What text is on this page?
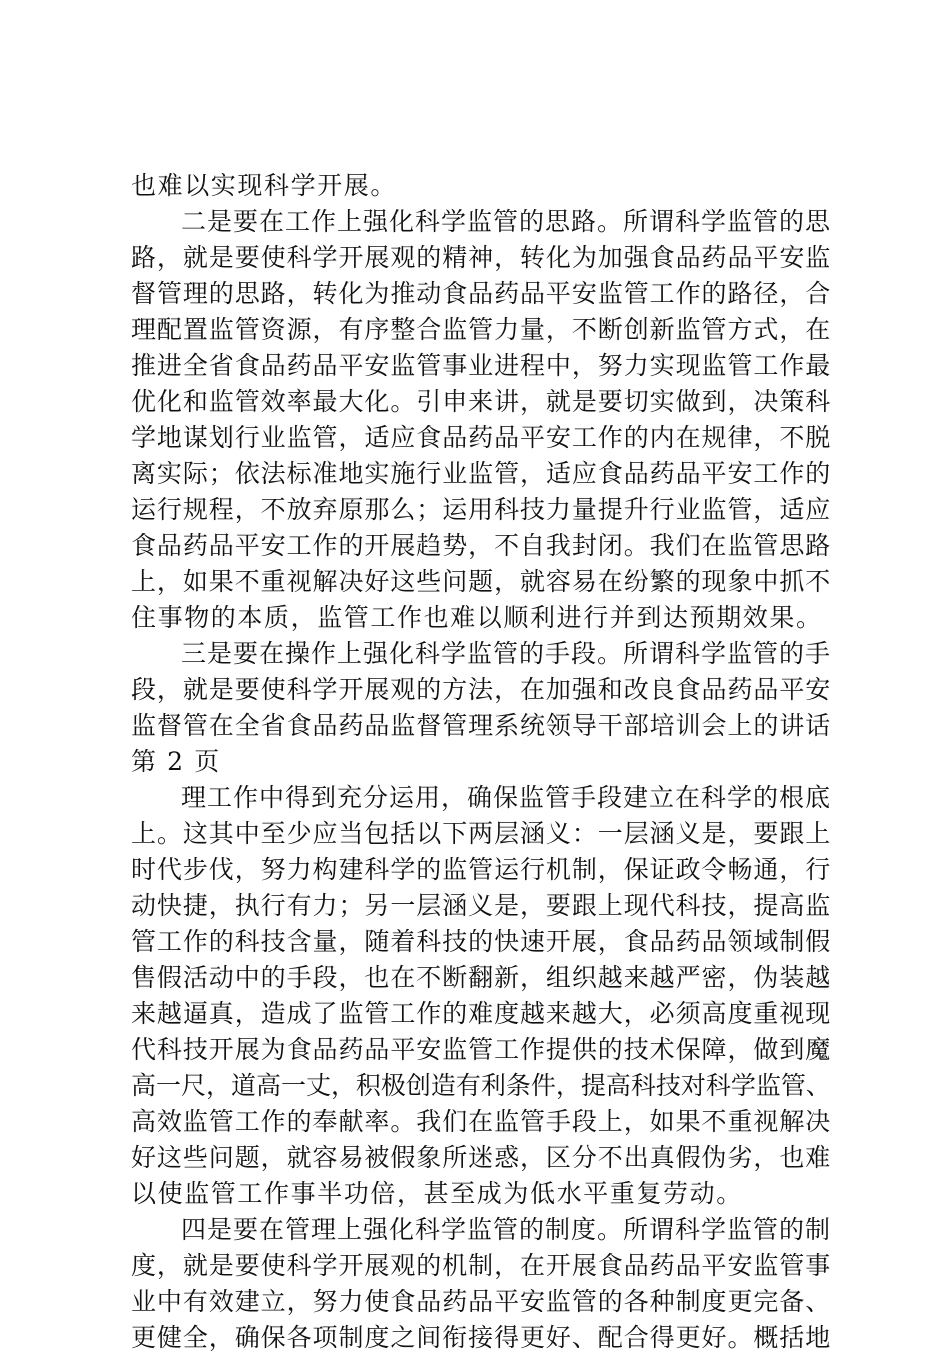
也难以实现科学开展。
二是要在工作上强化科学监管的思路。所谓科学监管的思
路，就是要使科学开展观的精神，转化为加强食品药品平安监
督管理的思路，转化为推动食品药品平安监管工作的路径，合
理配置监管资源，有序整合监管力量，不断创新监管方式，在
推进全省食品药品平安监管事业进程中，努力实现监管工作最
优化和监管效率最大化。引申来讲，就是要切实做到，决策科
学地谋划行业监管，适应食品药品平安工作的内在规律，不脱
离实际；依法标准地实施行业监管，适应食品药品平安工作的
运行规程，不放弃原那么；运用科技力量提升行业监管，适应
食品药品平安工作的开展趋势，不自我封闭。我们在监管思路
上，如果不重视解决好这些问题，就容易在纷繁的现象中抓不
住事物的本质，监管工作也难以顺利进行并到达预期效果。
三是要在操作上强化科学监管的手段。所谓科学监管的手
段，就是要使科学开展观的方法，在加强和改良食品药品平安
监督管在全省食品药品监督管理系统领导干部培训会上的讲话
第 2 页
理工作中得到充分运用，确保监管手段建立在科学的根底
上。这其中至少应当包括以下两层涵义：一层涵义是，要跟上
时代步伐，努力构建科学的监管运行机制，保证政令畅通，行
动快捷，执行有力；另一层涵义是，要跟上现代科技，提高监
管工作的科技含量，随着科技的快速开展，食品药品领域制假
售假活动中的手段，也在不断翻新，组织越来越严密，伪装越
来越逼真，造成了监管工作的难度越来越大，必须高度重视现
代科技开展为食品药品平安监管工作提供的技术保障，做到魔
高一尺，道高一丈，积极创造有利条件，提高科技对科学监管、
高效监管工作的奉献率。我们在监管手段上，如果不重视解决
好这些问题，就容易被假象所迷惑，区分不出真假伪劣，也难
以使监管工作事半功倍，甚至成为低水平重复劳动。
四是要在管理上强化科学监管的制度。所谓科学监管的制
度，就是要使科学开展观的机制，在开展食品药品平安监管事
业中有效建立，努力使食品药品平安监管的各种制度更完备、
更健全，确保各项制度之间衔接得更好、配合得更好。概括地
